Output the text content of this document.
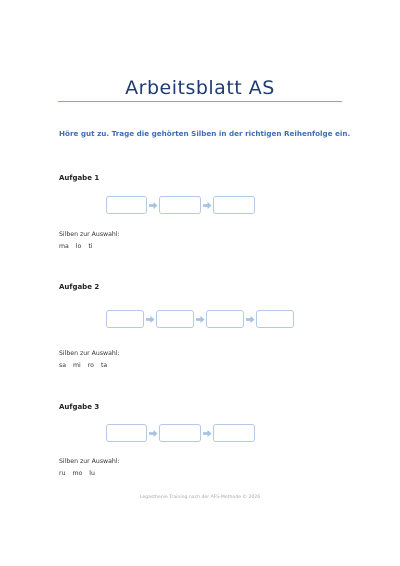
Arbeitsblatt AS
Höre gut zu. Trage die gehörten Silben in der richtigen Reihenfolge ein.
Aufgabe 1
Silben zur Auswahl:
ma lo ti
Aufgabe 2
Silben zur Auswahl:
sa mi ro ta
Aufgabe 3
Silben zur Auswahl:
ru mo lu
Legasthenie Training nach der AFS-Methode © 2026
